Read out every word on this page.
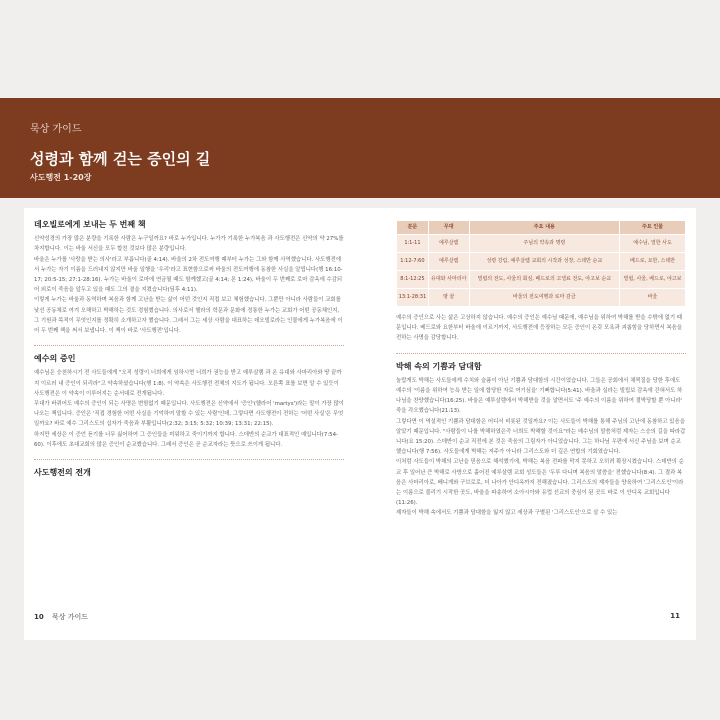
묵상 가이드
성령과 함께 걷는 증인의 길
사도행전 1-20장
데오빌로에게 보내는 두 번째 책

신약성경의 가장 많은 분량을 기록한 사람은 누구일까요? 바로 누가입니다. 누가가 기록한 누가복음 과 사도행전은 신약의 약 27%를 차지합니다. 이는 바울 서신을 모두 합친 것보다 많은 분량입니다.

바울은 누가를 '사랑을 받는 의사'라고 부릅니다(골 4:14). 바울의 2차 전도여행 때부터 누가는 그와 함께 사역했습니다. 사도행전에서 누가는 자기 이름을 드러내지 않지만 바울 일행을 '우리'라고 표현함으로써 바울의 전도여행에 동참한 사실을 알립니다(행 16:10-17; 20:5-15; 27:1-28:16). 누가는 바울이 로마에 연금될 때도 함께했고(골 4:14; 몬 1:24), 바울이 두 번째로 로마 감옥에 수감되어 외로이 죽음을 앞두고 있을 때도 그의 곁을 지켰습니다(딤후 4:11).

이렇게 누가는 바울과 동역하며 복음과 함께 고난을 받는 삶이 어떤 것인지 직접 보고 체험했습니다. 그뿐만 아니라 사람들이 교회를 낮선 공동체로 여겨 오해하고 박해하는 것도 경험했습니다. 의사로서 헬라의 학문과 문화에 정통한 누가는 교회가 어떤 공동체인지, 그 기원과 목적이 무엇인지를 정확히 소개하고자 했습니다. 그래서 그는 세상 사람을 대표하는 데오빌로라는 인물에게 누가복음에 이어 두 번째 책을 써서 보냅니다. 이 책이 바로 '사도행전'입니다.

예수의 증인

예수님은 승천하시기 전 사도들에게 "오직 성령이 너희에게 임하시면 너희가 권능을 받고 예루살렘 과 온 유대와 사마리아와 땅 끝까지 이르러 내 증인이 되리라"고 약속하셨습니다(행 1:8). 이 약속은 사도행전 전체의 지도가 됩니다. 오른쪽 표를 보면 알 수 있듯이 사도행전은 이 약속이 이루어지는 순서대로 전개됩니다.

무대가 바뀌어도 예수의 증인이 되는 사명은 변함없기 때문입니다. 사도행전은 신약에서 '증인'(헬라어 'martys')라는 말이 가장 많이 나오는 책입니다. 증인은 '직접 경험한 어떤 사실을 기억하여 말할 수 있는 사람'인데, 그렇다면 사도행전이 전하는 '어떤 사실'은 무엇일까요? 바로 예수 그리스도의 십자가 죽음과 부활입니다(2:32; 3:15; 5:32; 10:39; 13:31; 22:15).

하지만 세상은 이 증언 듣기를 너무 싫어하여 그 증인들을 미워하고 죽이기까지 합니다. 스데반의 순교가 대표적인 예입니다(7:54-60). 이후에도 초대교회의 많은 증인이 순교했습니다. 그래서 증인은 곧 순교자라는 뜻으로 쓰이게 됩니다.

사도행전의 전개
10 묵상 가이드
분문	무대	주요 내용	주요 인물
1:1-11	예루살렘	주님의 약속과 명령	예수님, 열한 사도
1:12-7:60	예루살렘	성령 강림, 예루살렘 교회의 시작과 성장, 스데반 순교	베드로, 요한, 스데반
8:1-12:25	유대와 사마리아	빌립의 전도, 사울의 회심, 베드로의 고넬료 전도, 야고보 순교	빌립, 사울, 베드로, 야고보
13:1-28:31	땅 끝	바울의 전도여행과 로마 감금	바울

예수의 증인으로 사는 삶은 고상하지 않습니다. 예수의 증인은 예수님 때문에, 예수님을 위하여 박해를 받을 수밖에 없기 때문입니다. 베드로와 요한부터 바울에 이르기까지, 사도행전에 등장하는 모든 증인이 온갖 모욕과 괴롭힘을 당하면서 복음을 전하는 사명을 감당합니다.

박해 속의 기쁨과 담대함

놀랍게도 박해는 사도들에게 수치와 슬픔이 아닌 기쁨과 담대함의 시간이었습니다. 그들은 공회에서 채찍질을 당한 후에도 예수의 '이름을 위하여 능욕 받는 일에 합당한 자로 여기심을' 기뻐합니다(5:41). 바울과 실라는 빌립보 감옥에 갇혀서도 하나님을 찬양했습니다(16:25). 바울은 예루살렘에서 박해받을 것을 알면서도 '주 예수의 이름을 위하여 결박당할 뿐 아니라' 죽을 각오했습니다(21:13).

그렇다면 이 역설적인 기쁨과 담대함은 어디서 비롯된 것일까요? 이는 사도들이 박해를 통해 주님의 고난에 동참하고 있음을 알았기 때문입니다. "사람들이 나를 박해하였은즉 너희도 박해할 것이요"라는 예수님의 말씀처럼 제자는 스승의 길을 따라갑니다(요 15:20). 스데반이 순교 직전에 본 것은 죽음의 그림자가 아니었습니다. 그는 하나님 우편에 서신 주님을 보며 순교했습니다(행 7:56). 사도들에게 박해는 저주가 아니라 그리스도와 더 깊은 연합의 기회였습니다.

이처럼 사도들이 박해의 고난을 믿음으로 해석했기에, 박해는 복음 전파를 막지 못하고 오히려 확장시켰습니다. 스데반의 순교 후 일어난 큰 박해로 사방으로 흩어진 예루살렘 교회 성도들은 '두루 다니며 복음의 말씀을' 전했습니다(8:4). 그 결과 복음은 사마리아로, 베니게와 구브로로, 더 나아가 안디옥까지 전해졌습니다. 그리스도의 제자들을 양육하여 '그리스도인'이라는 이름으로 불리기 시작한 곳도, 바울을 파송하여 소아시아와 유럽 선교의 중심이 된 곳도 바로 이 안디옥 교회입니다(11:26).

제자들이 박해 속에서도 기쁨과 담대함을 잃지 않고 세상과 구별된 '그리스도인'으로 살 수 있는

11
